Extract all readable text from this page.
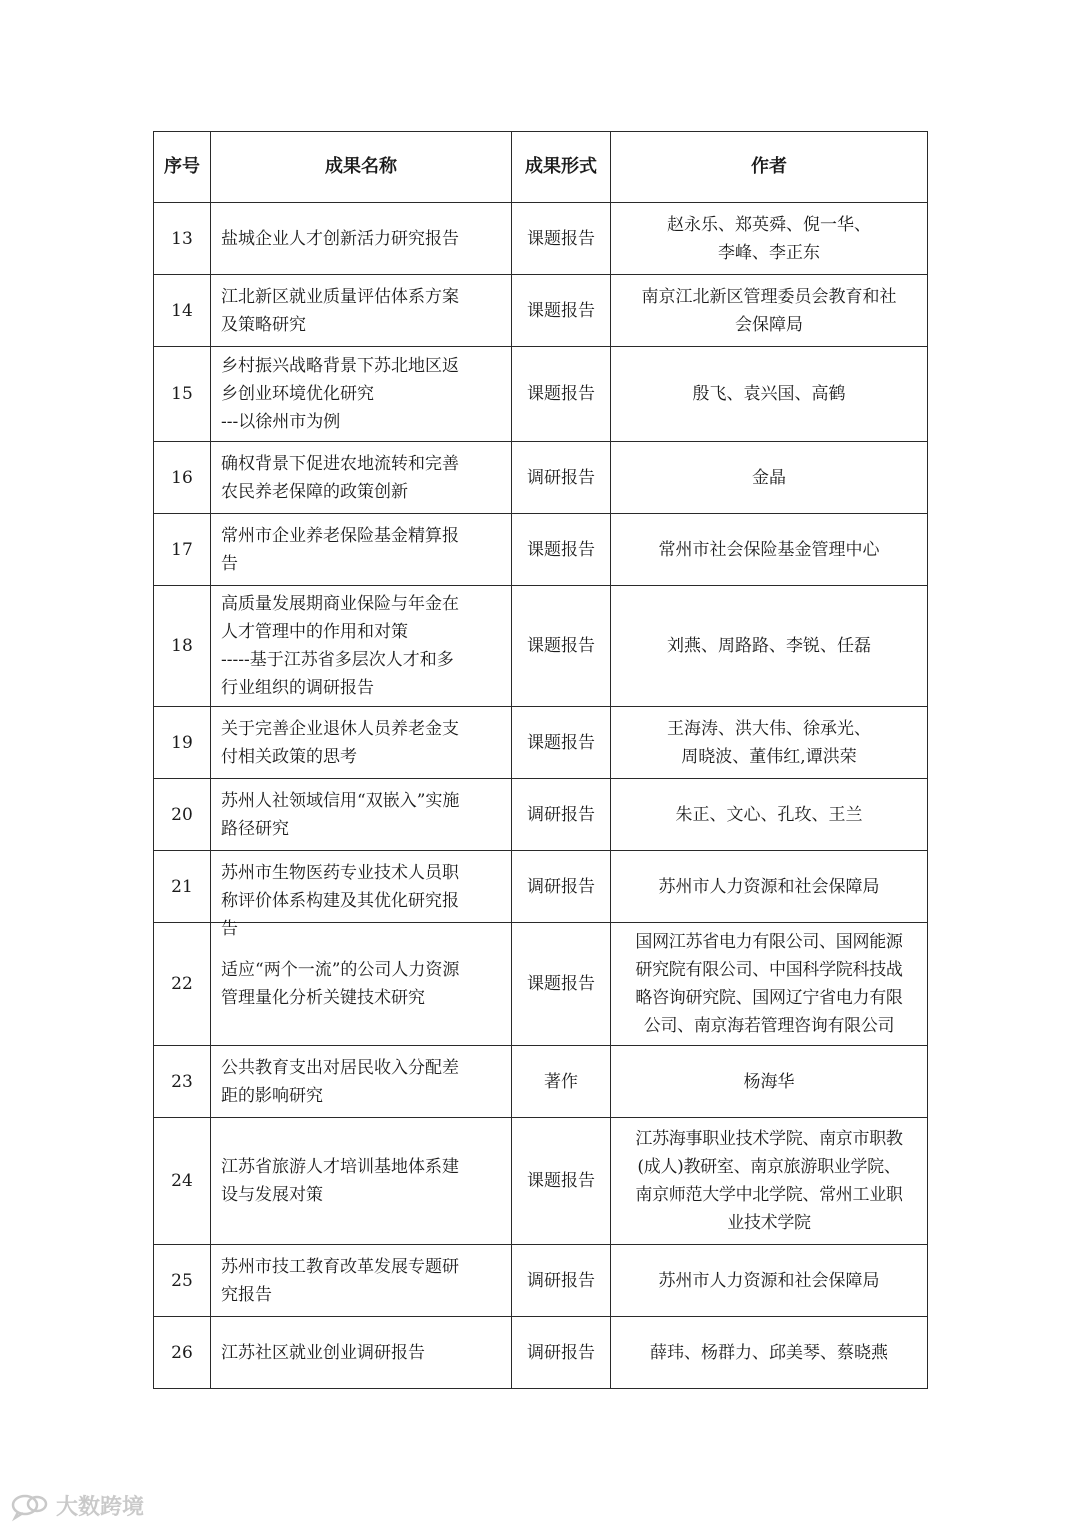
序号	成果名称	成果形式	作者
13	盐城企业人才创新活力研究报告	课题报告	赵永乐、郑英舜、倪一华、
李峰、李正东

14	江北新区就业质量评估体系方案
及策略研究	课题报告	南京江北新区管理委员会教育和社
会保障局

15	乡村振兴战略背景下苏北地区返
乡创业环境优化研究
---以徐州市为例	课题报告	殷飞、袁兴国、高鹤

16	确权背景下促进农地流转和完善
农民养老保障的政策创新	调研报告	金晶

17	常州市企业养老保险基金精算报
告	课题报告	常州市社会保险基金管理中心

18	高质量发展期商业保险与年金在
人才管理中的作用和对策
-----基于江苏省多层次人才和多
行业组织的调研报告	课题报告	刘燕、周路路、李锐、任磊

19	关于完善企业退休人员养老金支
付相关政策的思考	课题报告	王海涛、洪大伟、徐承光、
周晓波、董伟红,谭洪荣

20	苏州人社领域信用“双嵌入”实施
路径研究	调研报告	朱正、文心、孔玫、王兰

21	苏州市生物医药专业技术人员职
称评价体系构建及其优化研究报
告	调研报告	苏州市人力资源和社会保障局

22	适应“两个一流”的公司人力资源
管理量化分析关键技术研究	课题报告	国网江苏省电力有限公司、国网能源
研究院有限公司、中国科学院科技战
略咨询研究院、国网辽宁省电力有限
公司、南京海若管理咨询有限公司

23	公共教育支出对居民收入分配差
距的影响研究	著作	杨海华

24	江苏省旅游人才培训基地体系建
设与发展对策	课题报告	江苏海事职业技术学院、南京市职教
(成人)教研室、南京旅游职业学院、
南京师范大学中北学院、常州工业职
业技术学院

25	苏州市技工教育改革发展专题研
究报告	调研报告	苏州市人力资源和社会保障局

26	江苏社区就业创业调研报告	调研报告	薛玮、杨群力、邱美琴、蔡晓燕
大数跨境
